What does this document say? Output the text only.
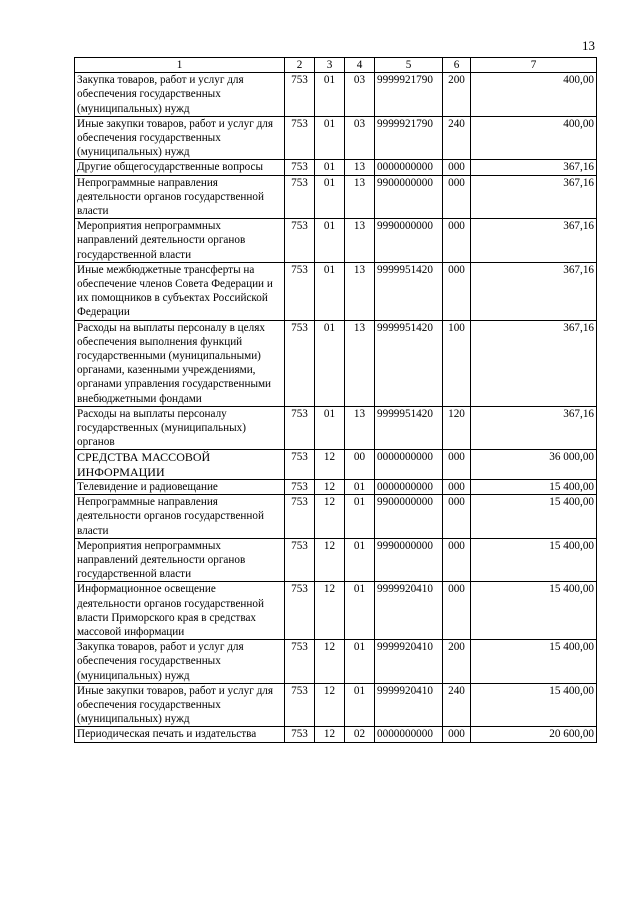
13
1	2	3	4	5	6	7
Закупка товаров, работ и услуг для обеспечения государственных (муниципальных) нужд	753	01	03	9999921790	200	400,00
Иные закупки товаров, работ и услуг для обеспечения государственных (муниципальных) нужд	753	01	03	9999921790	240	400,00
Другие общегосударственные вопросы	753	01	13	0000000000	000	367,16
Непрограммные направления деятельности органов государственной власти	753	01	13	9900000000	000	367,16
Мероприятия непрограммных направлений деятельности органов государственной власти	753	01	13	9990000000	000	367,16
Иные межбюджетные трансферты на обеспечение членов Совета Федерации и их помощников в субъектах Российской Федерации	753	01	13	9999951420	000	367,16
Расходы на выплаты персоналу в целях обеспечения выполнения функций государственными (муниципальными) органами, казенными учреждениями, органами управления государственными внебюджетными фондами	753	01	13	9999951420	100	367,16
Расходы на выплаты персоналу государственных (муниципальных) органов	753	01	13	9999951420	120	367,16
СРЕДСТВА МАССОВОЙ ИНФОРМАЦИИ	753	12	00	0000000000	000	36 000,00
Телевидение и радиовещание	753	12	01	0000000000	000	15 400,00
Непрограммные направления деятельности органов государственной власти	753	12	01	9900000000	000	15 400,00
Мероприятия непрограммных направлений деятельности органов государственной власти	753	12	01	9990000000	000	15 400,00
Информационное освещение деятельности органов государственной власти Приморского края в средствах массовой информации	753	12	01	9999920410	000	15 400,00
Закупка товаров, работ и услуг для обеспечения государственных (муниципальных) нужд	753	12	01	9999920410	200	15 400,00
Иные закупки товаров, работ и услуг для обеспечения государственных (муниципальных) нужд	753	12	01	9999920410	240	15 400,00
Периодическая печать и издательства	753	12	02	0000000000	000	20 600,00
